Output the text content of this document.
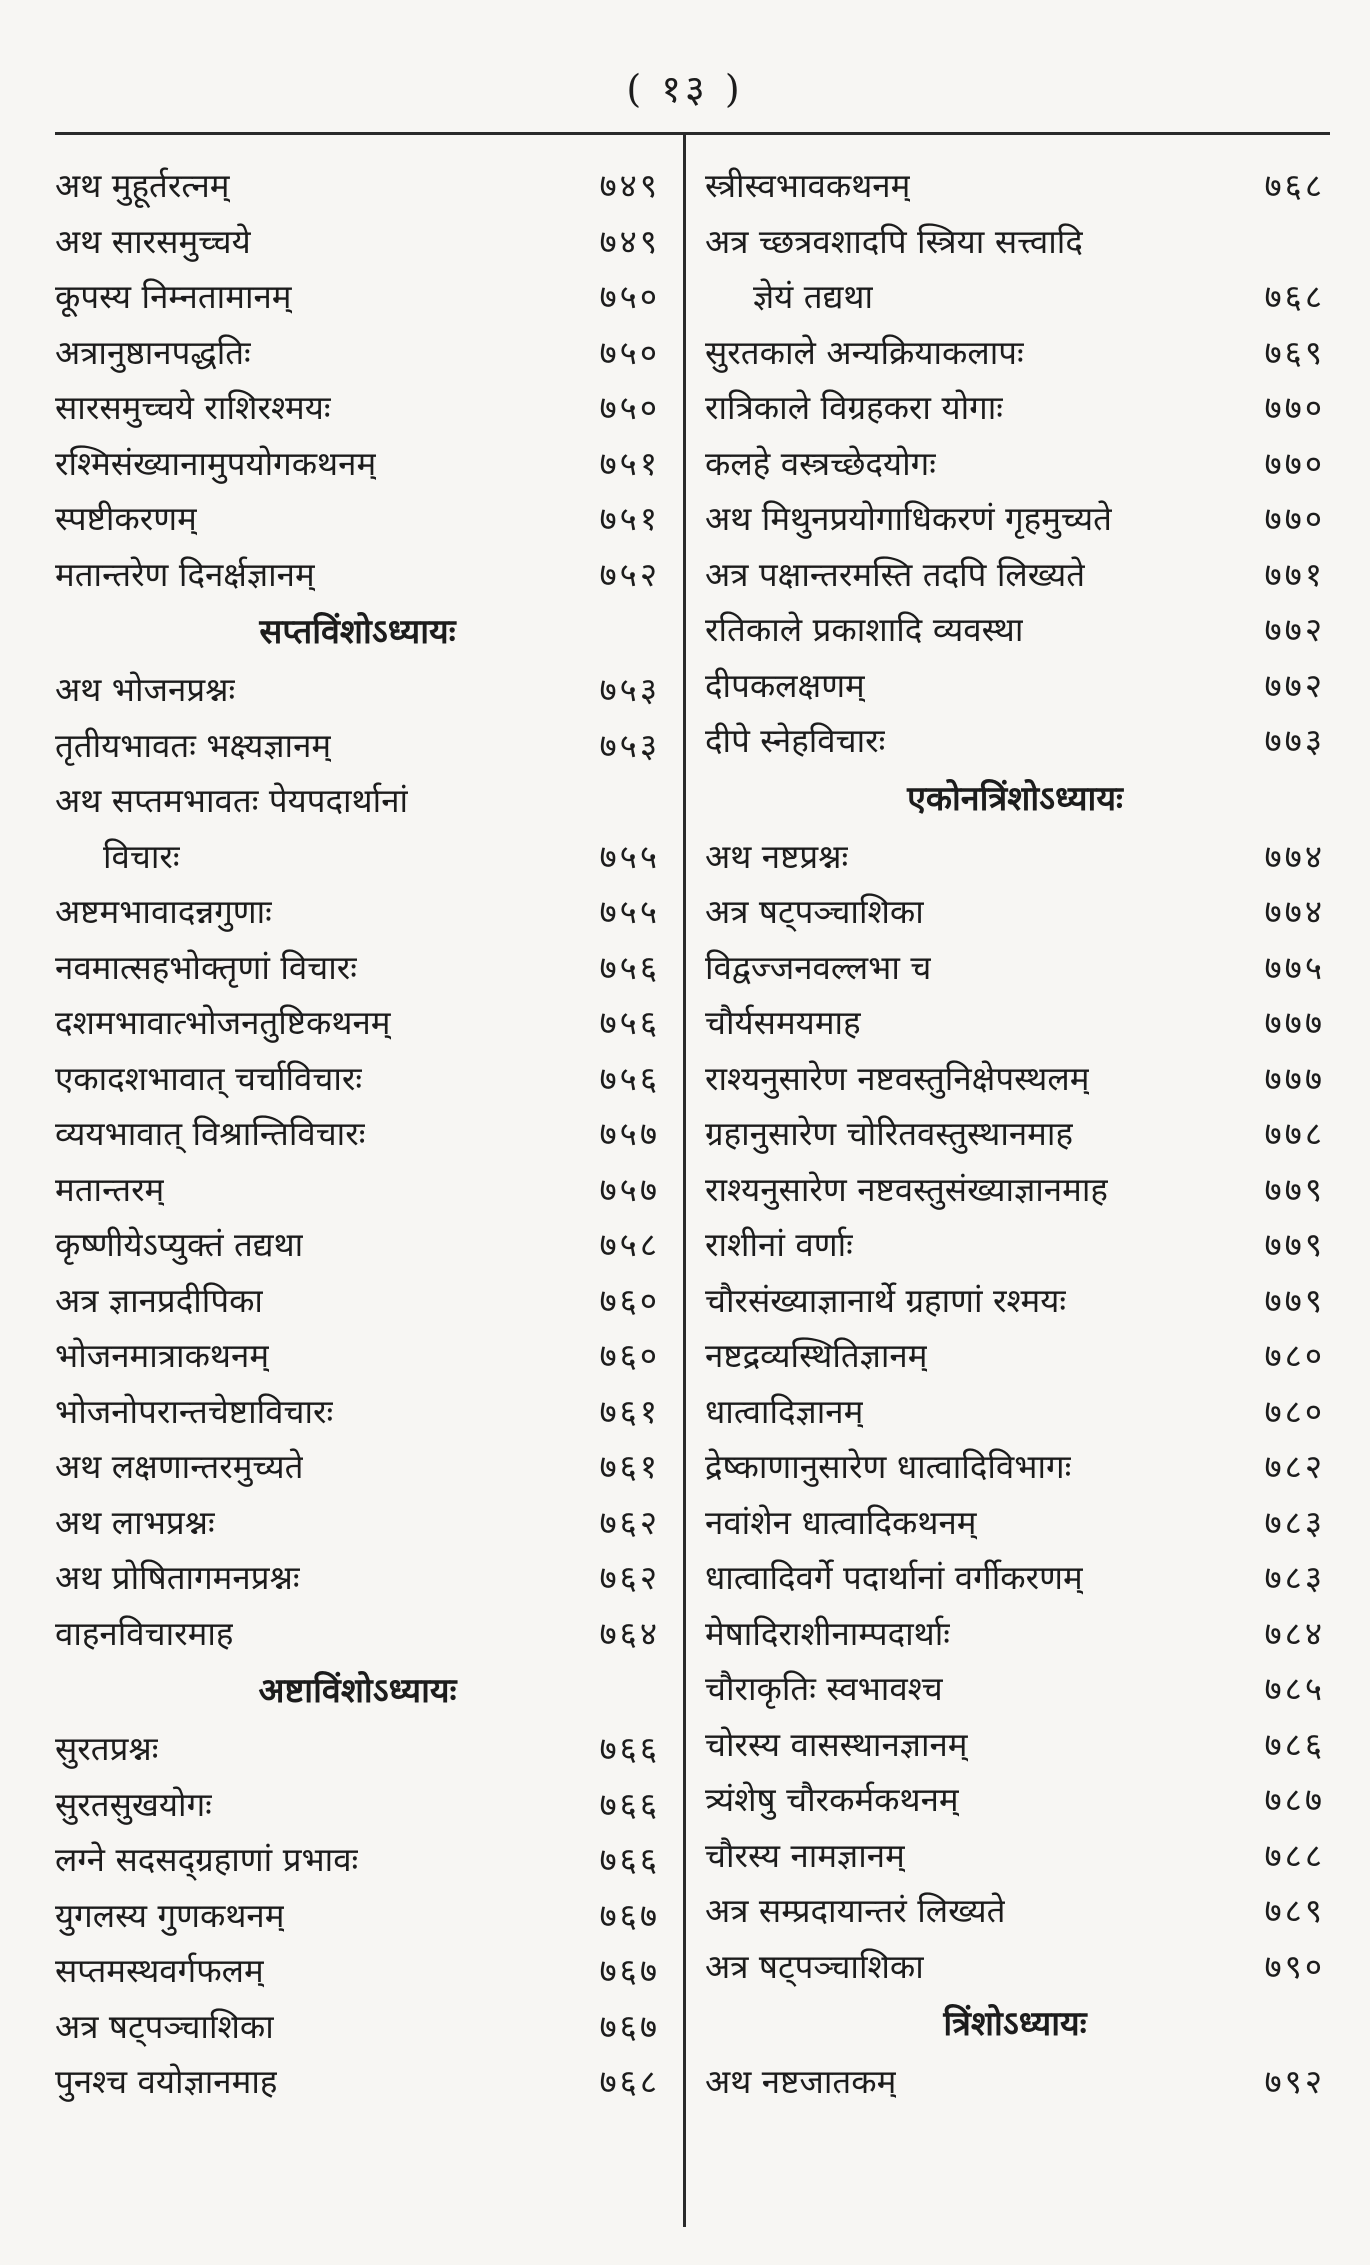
( १३ )
अथ मुहूर्तरत्नम्	७४९
अथ सारसमुच्चये	७४९
कूपस्य निम्नतामानम्	७५०
अत्रानुष्ठानपद्धतिः	७५०
सारसमुच्चये राशिरश्मयः	७५०
रश्मिसंख्यानामुपयोगकथनम्	७५१
स्पष्टीकरणम्	७५१
मतान्तरेण दिनर्क्षज्ञानम्	७५२
सप्तविंशोऽध्यायः
अथ भोजनप्रश्नः	७५३
तृतीयभावतः भक्ष्यज्ञानम्	७५३
अथ सप्तमभावतः पेयपदार्थानां
विचारः	७५५
अष्टमभावादन्नगुणाः	७५५
नवमात्सहभोक्तृणां विचारः	७५६
दशमभावात्भोजनतुष्टिकथनम्	७५६
एकादशभावात् चर्चाविचारः	७५६
व्ययभावात् विश्रान्तिविचारः	७५७
मतान्तरम्	७५७
कृष्णीयेऽप्युक्तं तद्यथा	७५८
अत्र ज्ञानप्रदीपिका	७६०
भोजनमात्राकथनम्	७६०
भोजनोपरान्तचेष्टाविचारः	७६१
अथ लक्षणान्तरमुच्यते	७६१
अथ लाभप्रश्नः	७६२
अथ प्रोषितागमनप्रश्नः	७६२
वाहनविचारमाह	७६४
अष्टाविंशोऽध्यायः
सुरतप्रश्नः	७६६
सुरतसुखयोगः	७६६
लग्ने सदसद्ग्रहाणां प्रभावः	७६६
युगलस्य गुणकथनम्	७६७
सप्तमस्थवर्गफलम्	७६७
अत्र षट्पञ्चाशिका	७६७
पुनश्च वयोज्ञानमाह	७६८
स्त्रीस्वभावकथनम्	७६८
अत्र च्छत्रवशादपि स्त्रिया सत्त्वादि
ज्ञेयं तद्यथा	७६८
सुरतकाले अन्यक्रियाकलापः	७६९
रात्रिकाले विग्रहकरा योगाः	७७०
कलहे वस्त्रच्छेदयोगः	७७०
अथ मिथुनप्रयोगाधिकरणं गृहमुच्यते	७७०
अत्र पक्षान्तरमस्ति तदपि लिख्यते	७७१
रतिकाले प्रकाशादि व्यवस्था	७७२
दीपकलक्षणम्	७७२
दीपे स्नेहविचारः	७७३
एकोनत्रिंशोऽध्यायः
अथ नष्टप्रश्नः	७७४
अत्र षट्पञ्चाशिका	७७४
विद्वज्जनवल्लभा च	७७५
चौर्यसमयमाह	७७७
राश्यनुसारेण नष्टवस्तुनिक्षेपस्थलम्	७७७
ग्रहानुसारेण चोरितवस्तुस्थानमाह	७७८
राश्यनुसारेण नष्टवस्तुसंख्याज्ञानमाह	७७९
राशीनां वर्णाः	७७९
चौरसंख्याज्ञानार्थे ग्रहाणां रश्मयः	७७९
नष्टद्रव्यस्थितिज्ञानम्	७८०
धात्वादिज्ञानम्	७८०
द्रेष्काणानुसारेण धात्वादिविभागः	७८२
नवांशेन धात्वादिकथनम्	७८३
धात्वादिवर्गे पदार्थानां वर्गीकरणम्	७८३
मेषादिराशीनाम्पदार्थाः	७८४
चौराकृतिः स्वभावश्च	७८५
चोरस्य वासस्थानज्ञानम्	७८६
त्र्यंशेषु चौरकर्मकथनम्	७८७
चौरस्य नामज्ञानम्	७८८
अत्र सम्प्रदायान्तरं लिख्यते	७८९
अत्र षट्पञ्चाशिका	७९०
त्रिंशोऽध्यायः
अथ नष्टजातकम्	७९२
